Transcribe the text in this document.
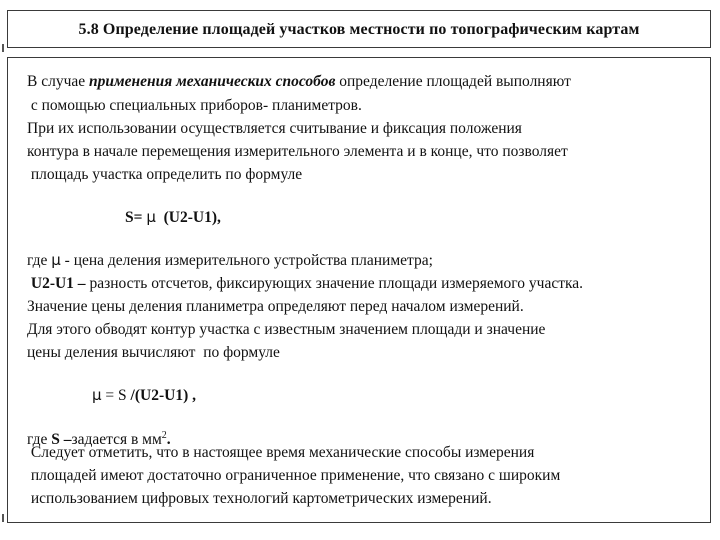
5.8 Определение площадей участков местности по топографическим картам
В случае применения механических способов определение площадей выполняют
с помощью специальных приборов- планиметров.
При их использовании осуществляется считывание и фиксация положения
контура в начале перемещения измерительного элемента и в конце, что позволяет
площадь участка определить по формуле
S= μ  (U2-U1),
где μ - цена деления измерительного устройства планиметра;
U2-U1 – разность отсчетов, фиксирующих значение площади измеряемого участка.
Значение цены деления планиметра определяют перед началом измерений.
Для этого обводят контур участка с известным значением площади и значение
цены деления вычисляют  по формуле
μ = S /(U2-U1) ,
где S –задается в $мм^2$.
Следует отметить, что в настоящее время механические способы измерения
площадей имеют достаточно ограниченное применение, что связано с широким
использованием цифровых технологий картометрических измерений.
